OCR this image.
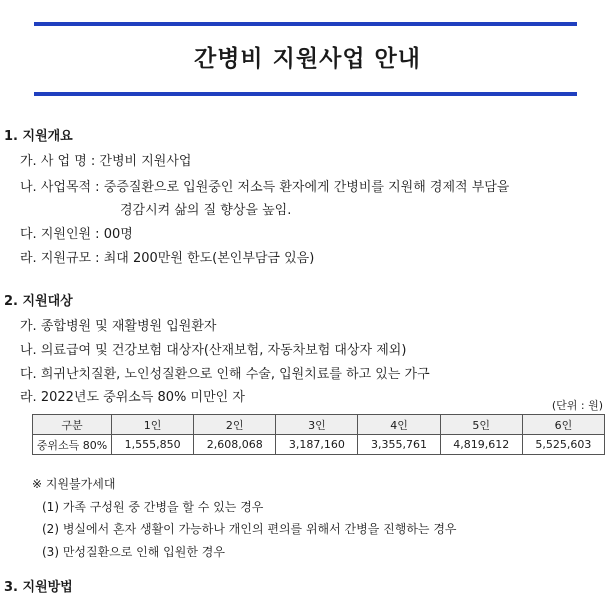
간병비 지원사업 안내
1. 지원개요
가. 사 업 명 : 간병비 지원사업
나. 사업목적 : 중증질환으로 입원중인 저소득 환자에게 간병비를 지원해 경제적 부담을
경감시켜 삶의 질 향상을 높임.
다. 지원인원 : 00명
라. 지원규모 : 최대 200만원 한도(본인부담금 있음)
2. 지원대상
가. 종합병원 및 재활병원 입원환자
나. 의료급여 및 건강보험 대상자(산재보험, 자동차보험 대상자 제외)
다. 희귀난치질환, 노인성질환으로 인해 수술, 입원치료를 하고 있는 가구
라. 2022년도 중위소득 80% 미만인 자
(단위 : 원)
구분	1인	2인	3인	4인	5인	6인
중위소득 80%	1,555,850	2,608,068	3,187,160	3,355,761	4,819,612	5,525,603
※ 지원불가세대
(1) 가족 구성원 중 간병을 할 수 있는 경우
(2) 병실에서 혼자 생활이 가능하나 개인의 편의를 위해서 간병을 진행하는 경우
(3) 만성질환으로 인해 입원한 경우
3. 지원방법
